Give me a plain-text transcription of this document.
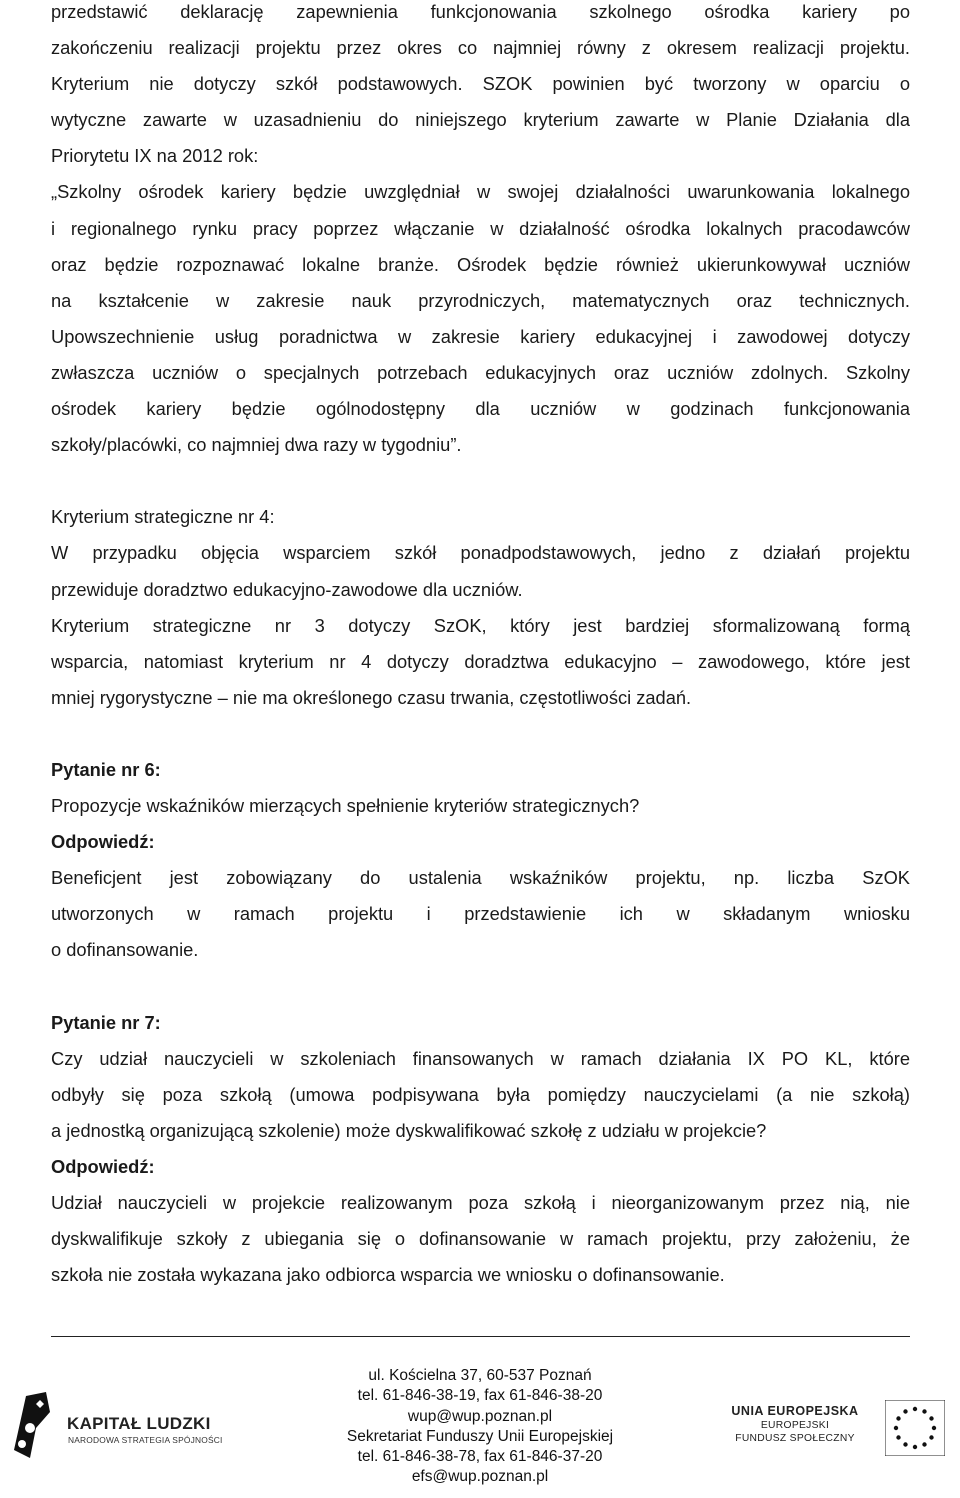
przedstawić deklarację zapewnienia funkcjonowania szkolnego ośrodka kariery po
zakończeniu realizacji projektu przez okres co najmniej równy z okresem realizacji projektu.
Kryterium nie dotyczy szkół podstawowych. SZOK powinien być tworzony w oparciu o
wytyczne zawarte w uzasadnieniu do niniejszego kryterium zawarte w Planie Działania dla
Priorytetu IX na 2012 rok:
„Szkolny ośrodek kariery będzie uwzględniał w swojej działalności uwarunkowania lokalnego
i regionalnego rynku pracy poprzez włączanie w działalność ośrodka lokalnych pracodawców
oraz będzie rozpoznawać lokalne branże. Ośrodek będzie również ukierunkowywał uczniów
na kształcenie w zakresie nauk przyrodniczych, matematycznych oraz technicznych.
Upowszechnienie usług poradnictwa w zakresie kariery edukacyjnej i zawodowej dotyczy
zwłaszcza uczniów o specjalnych potrzebach edukacyjnych oraz uczniów zdolnych. Szkolny
ośrodek kariery będzie ogólnodostępny dla uczniów w godzinach funkcjonowania
szkoły/placówki, co najmniej dwa razy w tygodniu”.
Kryterium strategiczne nr 4:
W przypadku objęcia wsparciem szkół ponadpodstawowych, jedno z działań projektu
przewiduje doradztwo edukacyjno-zawodowe dla uczniów.
Kryterium strategiczne nr 3 dotyczy SzOK, który jest bardziej sformalizowaną formą
wsparcia, natomiast kryterium nr 4 dotyczy doradztwa edukacyjno – zawodowego, które jest
mniej rygorystyczne – nie ma określonego czasu trwania, częstotliwości zadań.
Pytanie nr 6:
Propozycje wskaźników mierzących spełnienie kryteriów strategicznych?
Odpowiedź:
Beneficjent jest zobowiązany do ustalenia wskaźników projektu, np. liczba SzOK
utworzonych w ramach projektu i przedstawienie ich w składanym wniosku
o dofinansowanie.
Pytanie nr 7:
Czy udział nauczycieli w szkoleniach finansowanych w ramach działania IX PO KL, które
odbyły się poza szkołą (umowa podpisywana była pomiędzy nauczycielami (a nie szkołą)
a jednostką organizującą szkolenie) może dyskwalifikować szkołę z udziału w projekcie?
Odpowiedź:
Udział nauczycieli w projekcie realizowanym poza szkołą i nieorganizowanym przez nią, nie
dyskwalifikuje szkoły z ubiegania się o dofinansowanie w ramach projektu, przy założeniu, że
szkoła nie została wykazana jako odbiorca wsparcia we wniosku o dofinansowanie.
KAPITAŁ LUDZKI
NARODOWA STRATEGIA SPÓJNOŚCI
ul. Kościelna 37, 60-537 Poznań
tel. 61-846-38-19, fax 61-846-38-20
wup@wup.poznan.pl
Sekretariat Funduszy Unii Europejskiej
tel. 61-846-38-78, fax 61-846-37-20
efs@wup.poznan.pl
UNIA EUROPEJSKA
EUROPEJSKI
FUNDUSZ SPOŁECZNY
